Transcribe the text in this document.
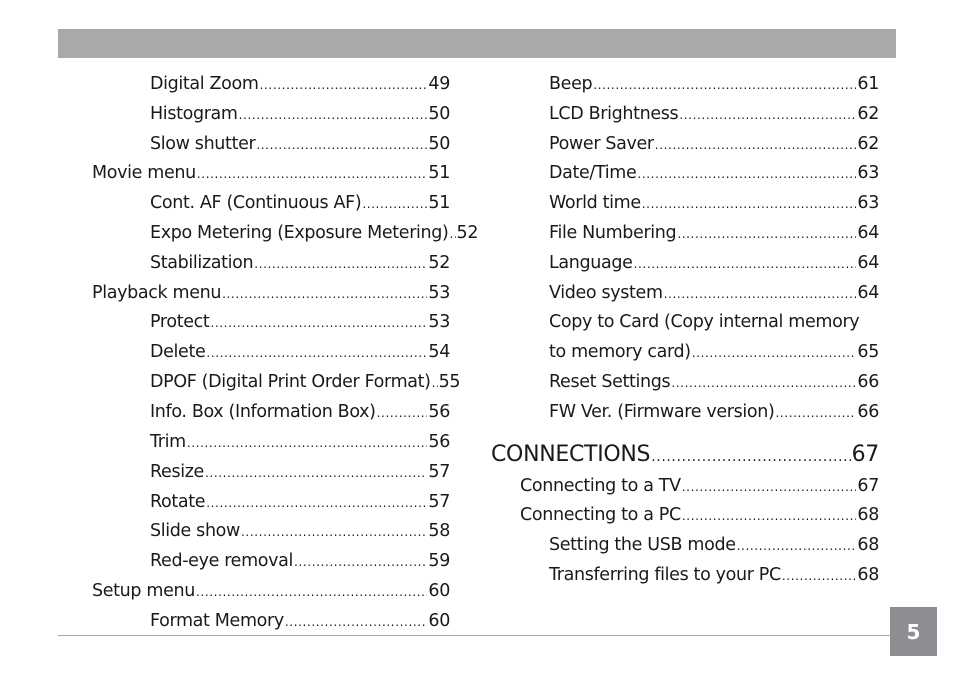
Digital Zoom .....	49
Histogram .....	50
Slow shutter .....	50
Movie menu .....	51
Cont. AF (Continuous AF) .....	51
Expo Metering (Exposure Metering) ..... 52
Stabilization .....	52
Playback menu .....	53
Protect .....	53
Delete .....	54
DPOF (Digital Print Order Format) ..... 55
Info. Box (Information Box) .....	56
Trim .....	56
Resize .....	57
Rotate .....	57
Slide show .....	58
Red-eye removal .....	59
Setup menu .....	60
Format Memory .....	60
Beep .....	61
LCD Brightness .....	62
Power Saver .....	62
Date/Time .....	63
World time .....	63
File Numbering .....	64
Language .....	64
Video system .....	64
Copy to Card (Copy internal memory
to memory card) .....	65
Reset Settings .....	66
FW Ver. (Firmware version) .....	66
CONNECTIONS .....	67
Connecting to a TV .....	67
Connecting to a PC .....	68
Setting the USB mode .....	68
Transferring files to your PC .....	68
5
